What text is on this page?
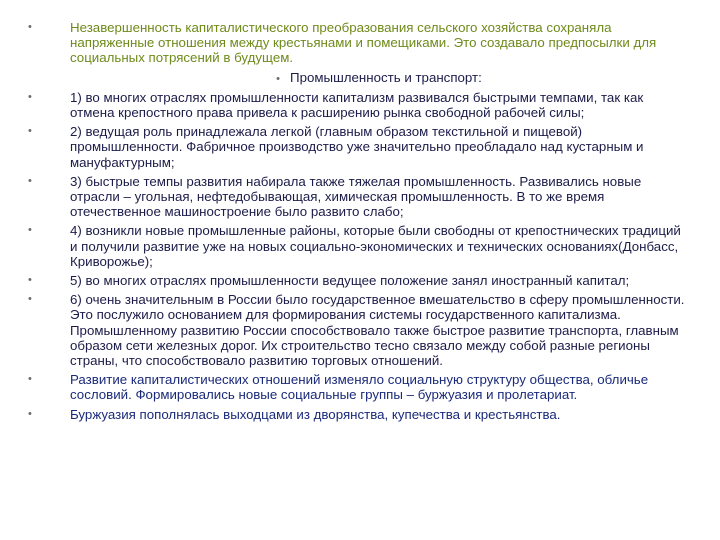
•	Незавершенность капиталистического преобразования сельского хозяйства сохраняла напряженные отношения между крестьянами и помещиками. Это создавало предпосылки для социальных потрясений в будущем.
• Промышленность и транспорт:
•	1) во многих отраслях промышленности капитализм развивался быстрыми темпами, так как отмена крепостного права привела к расширению рынка свободной рабочей силы;
•	2) ведущая роль принадлежала легкой (главным образом текстильной и пищевой) промышленности. Фабричное производство уже значительно преобладало над кустарным и мануфактурным;
•	3) быстрые темпы развития набирала также тяжелая промышленность. Развивались новые отрасли – угольная, нефтедобывающая, химическая промышленность. В то же время отечественное машиностроение было развито слабо;
•	4) возникли новые промышленные районы, которые были свободны от крепостнических традиций и получили развитие уже на новых социально-экономических и технических основаниях(Донбасс, Криворожье);
•	5) во многих отраслях промышленности ведущее положение занял иностранный капитал;
•	6) очень значительным в России было государственное вмешательство в сферу промышленности. Это послужило основанием для формирования системы государственного капитализма. Промышленному развитию России способствовало также быстрое развитие транспорта, главным образом сети железных дорог. Их строительство тесно связало между собой разные регионы страны, что способствовало развитию торговых отношений.
•	Развитие капиталистических отношений изменяло социальную структуру общества, обличье сословий. Формировались новые социальные группы – буржуазия и пролетариат.
•	Буржуазия пополнялась выходцами из дворянства, купечества и крестьянства.
